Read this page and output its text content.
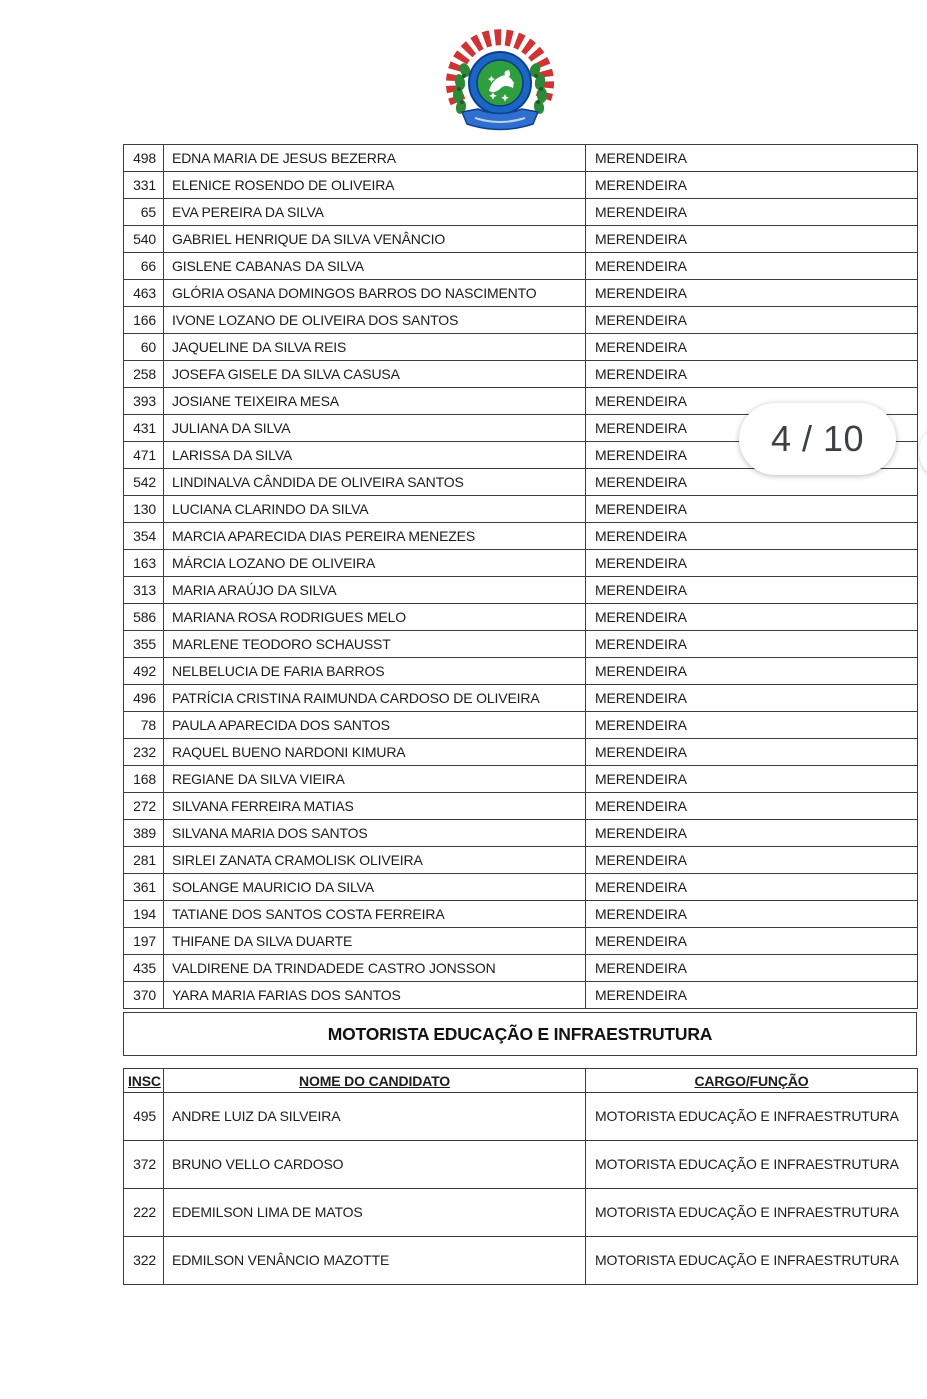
498	EDNA MARIA DE JESUS BEZERRA	MERENDEIRA
331	ELENICE ROSENDO DE OLIVEIRA	MERENDEIRA
65	EVA PEREIRA DA SILVA	MERENDEIRA
540	GABRIEL HENRIQUE DA SILVA VENÂNCIO	MERENDEIRA
66	GISLENE CABANAS DA SILVA	MERENDEIRA
463	GLÓRIA OSANA DOMINGOS BARROS DO NASCIMENTO	MERENDEIRA
166	IVONE LOZANO DE OLIVEIRA DOS SANTOS	MERENDEIRA
60	JAQUELINE DA SILVA REIS	MERENDEIRA
258	JOSEFA GISELE DA SILVA CASUSA	MERENDEIRA
393	JOSIANE TEIXEIRA MESA	MERENDEIRA
431	JULIANA DA SILVA	MERENDEIRA
471	LARISSA DA SILVA	MERENDEIRA
542	LINDINALVA CÂNDIDA DE OLIVEIRA SANTOS	MERENDEIRA
130	LUCIANA CLARINDO DA SILVA	MERENDEIRA
354	MARCIA APARECIDA DIAS PEREIRA MENEZES	MERENDEIRA
163	MÁRCIA LOZANO DE OLIVEIRA	MERENDEIRA
313	MARIA ARAÚJO DA SILVA	MERENDEIRA
586	MARIANA ROSA RODRIGUES MELO	MERENDEIRA
355	MARLENE TEODORO SCHAUSST	MERENDEIRA
492	NELBELUCIA DE FARIA BARROS	MERENDEIRA
496	PATRÍCIA CRISTINA RAIMUNDA CARDOSO DE OLIVEIRA	MERENDEIRA
78	PAULA APARECIDA DOS SANTOS	MERENDEIRA
232	RAQUEL BUENO NARDONI KIMURA	MERENDEIRA
168	REGIANE DA SILVA VIEIRA	MERENDEIRA
272	SILVANA FERREIRA MATIAS	MERENDEIRA
389	SILVANA MARIA DOS SANTOS	MERENDEIRA
281	SIRLEI ZANATA CRAMOLISK OLIVEIRA	MERENDEIRA
361	SOLANGE MAURICIO DA SILVA	MERENDEIRA
194	TATIANE DOS SANTOS COSTA FERREIRA	MERENDEIRA
197	THIFANE DA SILVA DUARTE	MERENDEIRA
435	VALDIRENE DA TRINDADEDE CASTRO JONSSON	MERENDEIRA
370	YARA MARIA FARIAS DOS SANTOS	MERENDEIRA
MOTORISTA EDUCAÇÃO E INFRAESTRUTURA
INSC	NOME DO CANDIDATO	CARGO/FUNÇÃO
495	ANDRE LUIZ DA SILVEIRA	MOTORISTA EDUCAÇÃO E INFRAESTRUTURA
372	BRUNO VELLO CARDOSO	MOTORISTA EDUCAÇÃO E INFRAESTRUTURA
222	EDEMILSON LIMA DE MATOS	MOTORISTA EDUCAÇÃO E INFRAESTRUTURA
322	EDMILSON VENÂNCIO MAZOTTE	MOTORISTA EDUCAÇÃO E INFRAESTRUTURA
4 / 10
